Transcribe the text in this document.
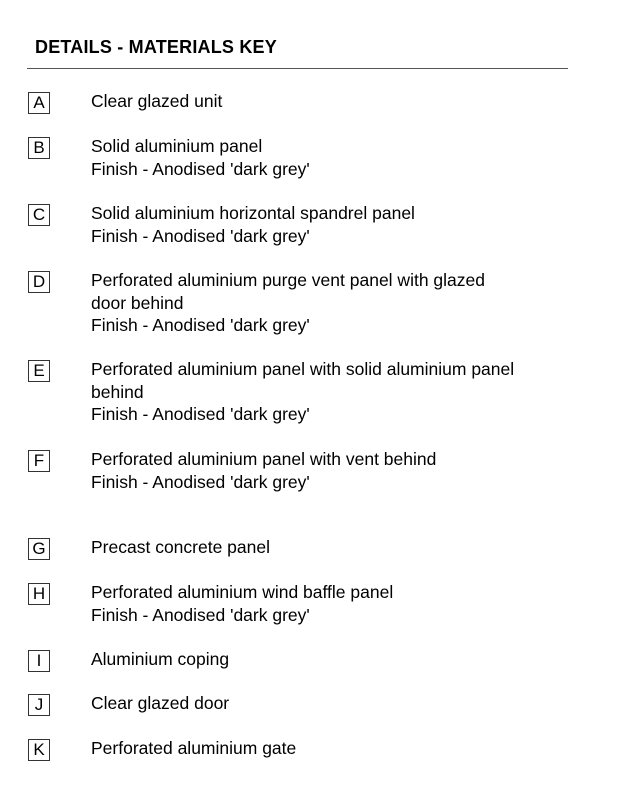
DETAILS - MATERIALS KEY
A	Clear glazed unit
B	Solid aluminium panel
Finish - Anodised 'dark grey'
C	Solid aluminium horizontal spandrel panel
Finish - Anodised 'dark grey'
D	Perforated aluminium purge vent panel with glazed
door behind
Finish - Anodised 'dark grey'
E	Perforated aluminium panel with solid aluminium panel
behind
Finish - Anodised 'dark grey'
F	Perforated aluminium panel with vent behind
Finish - Anodised 'dark grey'
G	Precast concrete panel
H	Perforated aluminium wind baffle panel
Finish - Anodised 'dark grey'
I	Aluminium coping
J	Clear glazed door
K	Perforated aluminium gate
